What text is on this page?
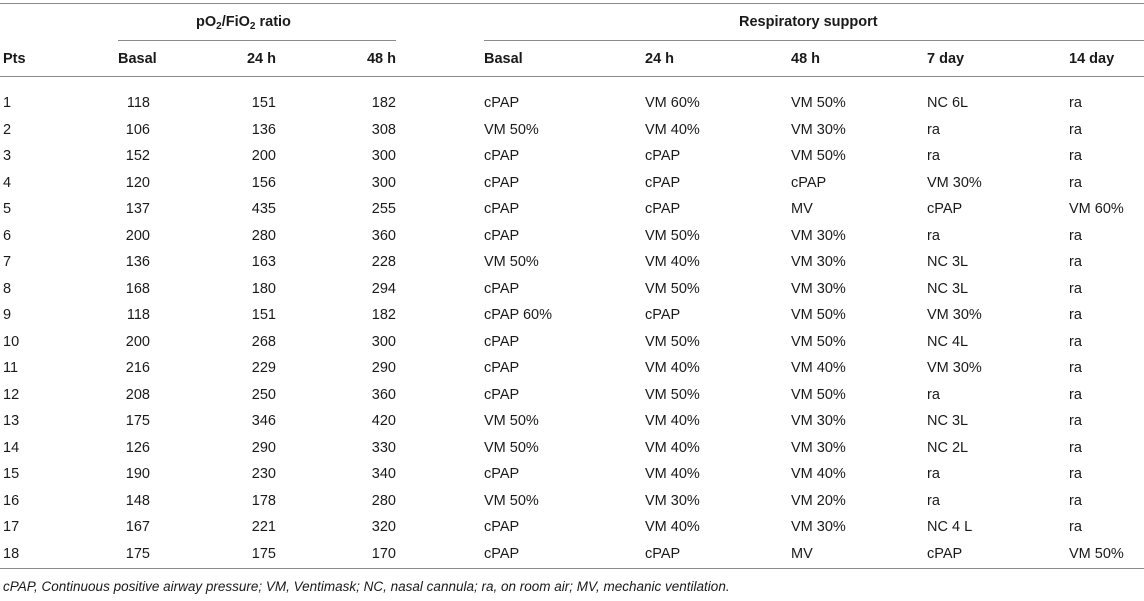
$pO_2/FiO_2$ ratio	Respiratory support
Pts	Basal	24 h	48 h	Basal	24 h	48 h	7 day	14 day
1	118	151	182	cPAP	VM 60%	VM 50%	NC 6L	ra
2	106	136	308	VM 50%	VM 40%	VM 30%	ra	ra
3	152	200	300	cPAP	cPAP	VM 50%	ra	ra
4	120	156	300	cPAP	cPAP	cPAP	VM 30%	ra
5	137	435	255	cPAP	cPAP	MV	cPAP	VM 60%
6	200	280	360	cPAP	VM 50%	VM 30%	ra	ra
7	136	163	228	VM 50%	VM 40%	VM 30%	NC 3L	ra
8	168	180	294	cPAP	VM 50%	VM 30%	NC 3L	ra
9	118	151	182	cPAP 60%	cPAP	VM 50%	VM 30%	ra
10	200	268	300	cPAP	VM 50%	VM 50%	NC 4L	ra
11	216	229	290	cPAP	VM 40%	VM 40%	VM 30%	ra
12	208	250	360	cPAP	VM 50%	VM 50%	ra	ra
13	175	346	420	VM 50%	VM 40%	VM 30%	NC 3L	ra
14	126	290	330	VM 50%	VM 40%	VM 30%	NC 2L	ra
15	190	230	340	cPAP	VM 40%	VM 40%	ra	ra
16	148	178	280	VM 50%	VM 30%	VM 20%	ra	ra
17	167	221	320	cPAP	VM 40%	VM 30%	NC 4 L	ra
18	175	175	170	cPAP	cPAP	MV	cPAP	VM 50%
cPAP, Continuous positive airway pressure; VM, Ventimask; NC, nasal cannula; ra, on room air; MV, mechanic ventilation.
